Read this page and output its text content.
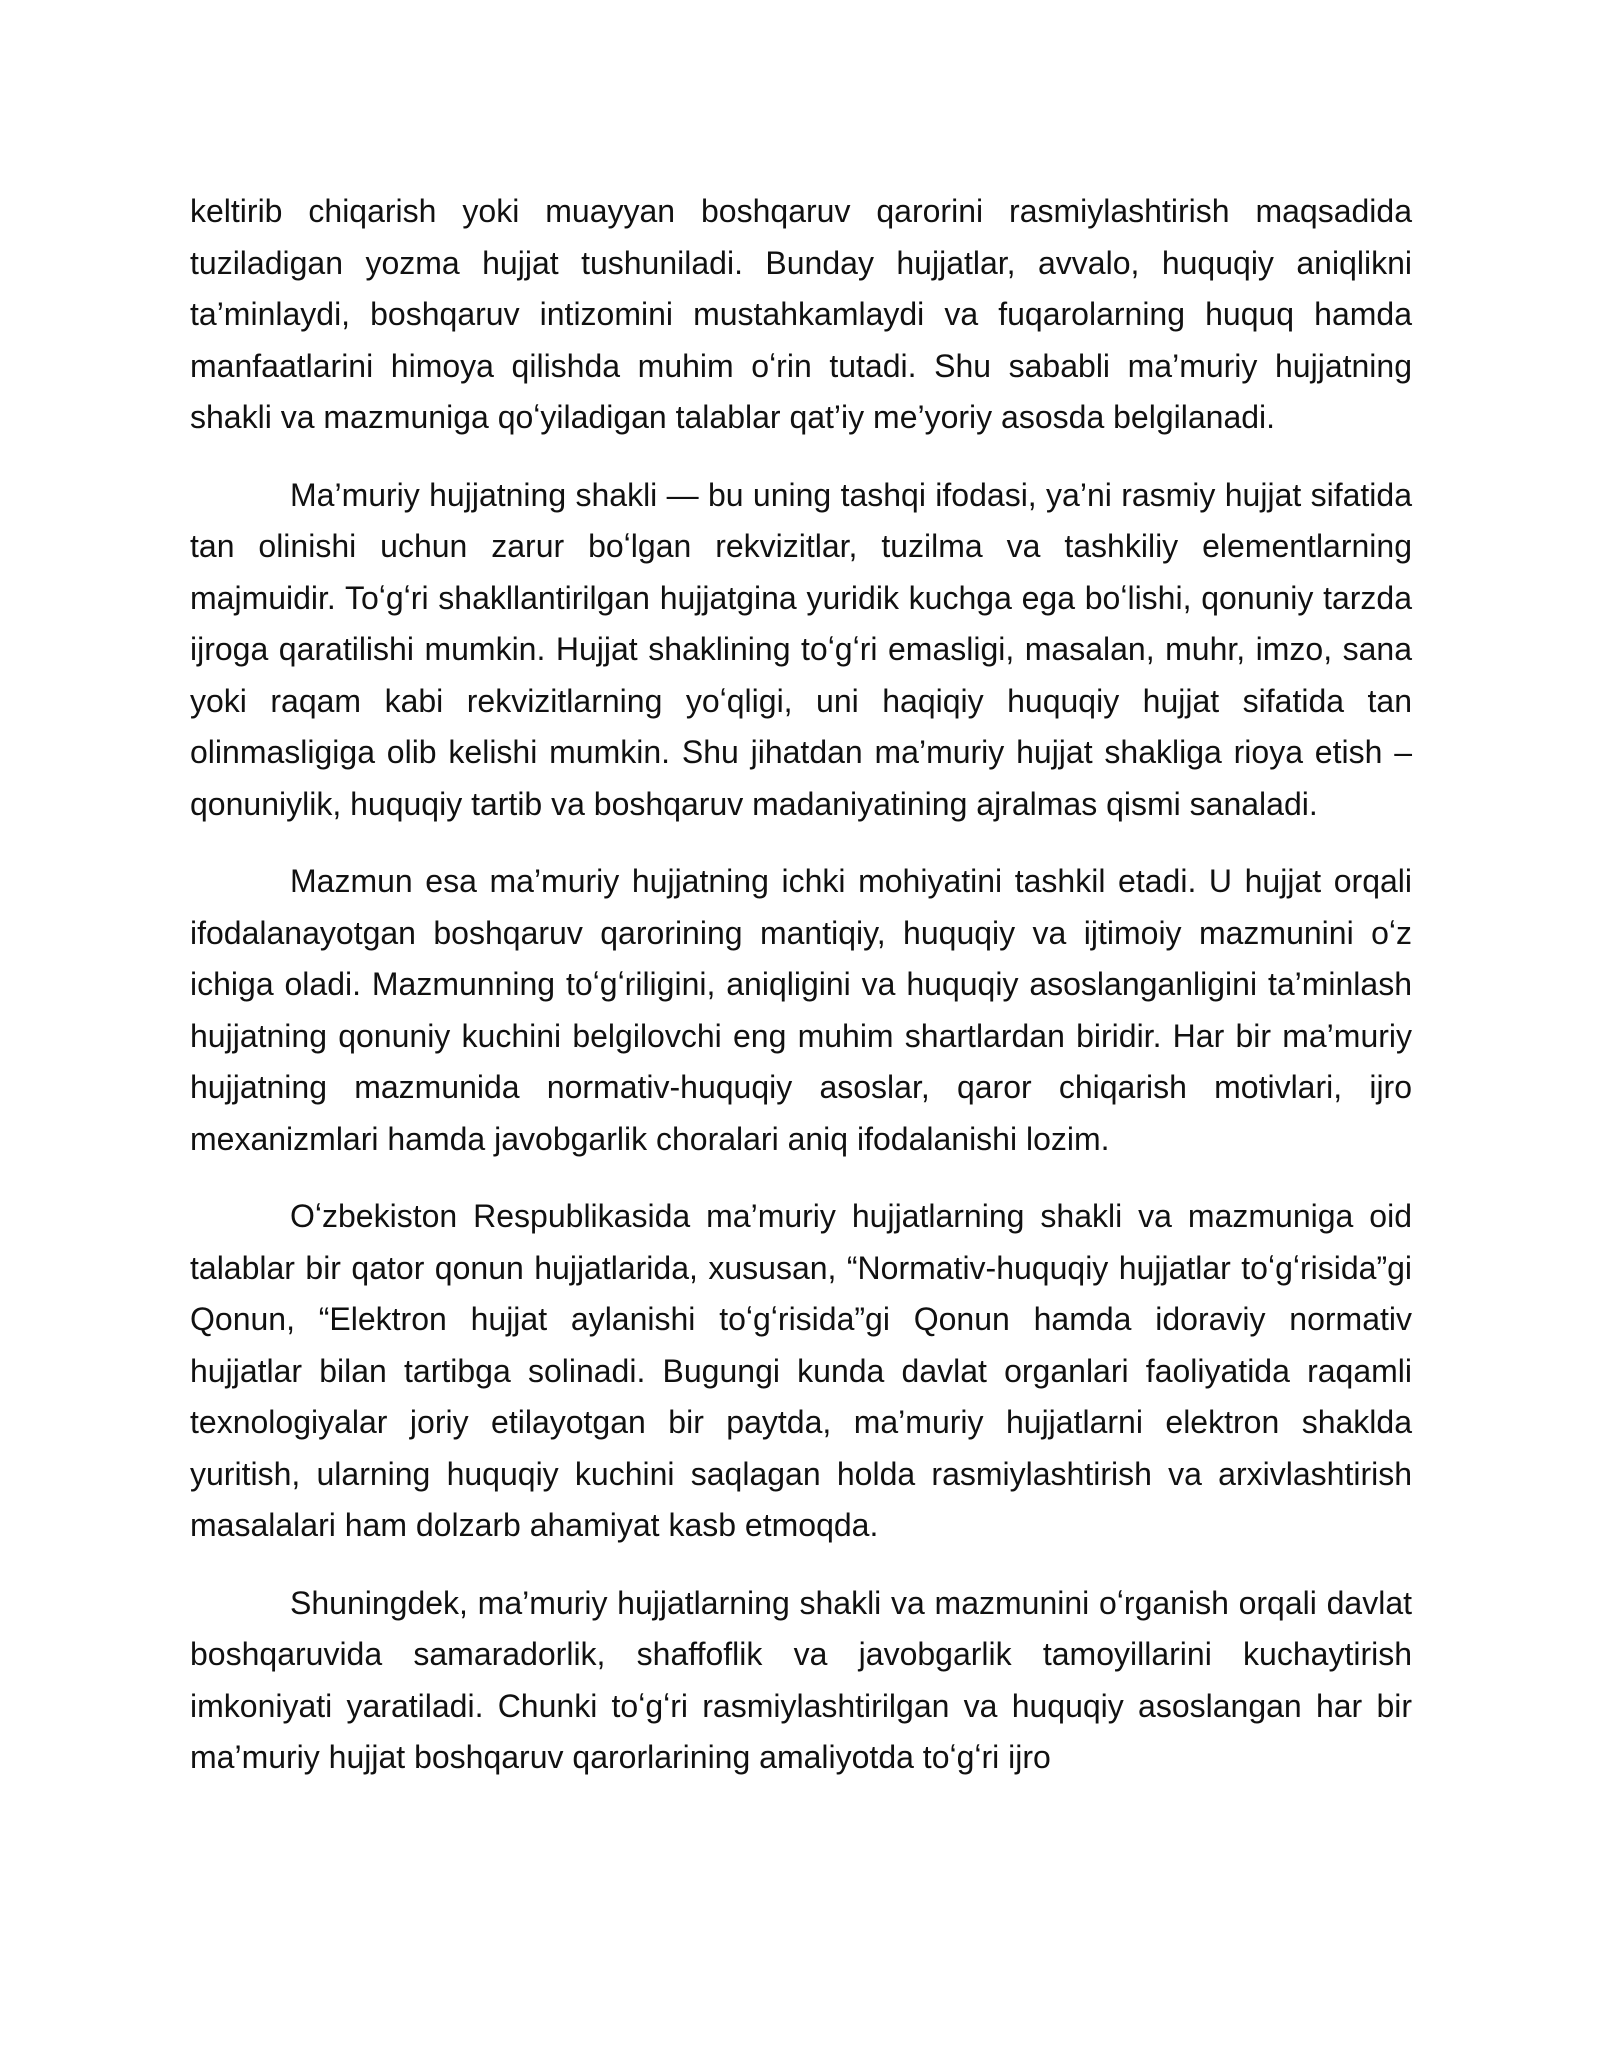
keltirib chiqarish yoki muayyan boshqaruv qarorini rasmiylashtirish maqsadida tuziladigan yozma hujjat tushuniladi. Bunday hujjatlar, avvalo, huquqiy aniqlikni ta’minlaydi, boshqaruv intizomini mustahkamlaydi va fuqarolarning huquq hamda manfaatlarini himoya qilishda muhim oʻrin tutadi. Shu sababli ma’muriy hujjatning shakli va mazmuniga qoʻyiladigan talablar qat’iy me’yoriy asosda belgilanadi.

Ma’muriy hujjatning shakli — bu uning tashqi ifodasi, ya’ni rasmiy hujjat sifatida tan olinishi uchun zarur boʻlgan rekvizitlar, tuzilma va tashkiliy elementlarning majmuidir. Toʻgʻri shakllantirilgan hujjatgina yuridik kuchga ega boʻlishi, qonuniy tarzda ijroga qaratilishi mumkin. Hujjat shaklining toʻgʻri emasligi, masalan, muhr, imzo, sana yoki raqam kabi rekvizitlarning yoʻqligi, uni haqiqiy huquqiy hujjat sifatida tan olinmasligiga olib kelishi mumkin. Shu jihatdan ma’muriy hujjat shakliga rioya etish – qonuniylik, huquqiy tartib va boshqaruv madaniyatining ajralmas qismi sanaladi.

Mazmun esa ma’muriy hujjatning ichki mohiyatini tashkil etadi. U hujjat orqali ifodalanayotgan boshqaruv qarorining mantiqiy, huquqiy va ijtimoiy mazmunini oʻz ichiga oladi. Mazmunning toʻgʻriligini, aniqligini va huquqiy asoslanganligini ta’minlash hujjatning qonuniy kuchini belgilovchi eng muhim shartlardan biridir. Har bir ma’muriy hujjatning mazmunida normativ-huquqiy asoslar, qaror chiqarish motivlari, ijro mexanizmlari hamda javobgarlik choralari aniq ifodalanishi lozim.

Oʻzbekiston Respublikasida ma’muriy hujjatlarning shakli va mazmuniga oid talablar bir qator qonun hujjatlarida, xususan, “Normativ-huquqiy hujjatlar toʻgʻrisida”gi Qonun, “Elektron hujjat aylanishi toʻgʻrisida”gi Qonun hamda idoraviy normativ hujjatlar bilan tartibga solinadi. Bugungi kunda davlat organlari faoliyatida raqamli texnologiyalar joriy etilayotgan bir paytda, ma’muriy hujjatlarni elektron shaklda yuritish, ularning huquqiy kuchini saqlagan holda rasmiylashtirish va arxivlashtirish masalalari ham dolzarb ahamiyat kasb etmoqda.

Shuningdek, ma’muriy hujjatlarning shakli va mazmunini oʻrganish orqali davlat boshqaruvida samaradorlik, shaffoflik va javobgarlik tamoyillarini kuchaytirish imkoniyati yaratiladi. Chunki toʻgʻri rasmiylashtirilgan va huquqiy asoslangan har bir ma’muriy hujjat boshqaruv qarorlarining amaliyotda toʻgʻri ijro
